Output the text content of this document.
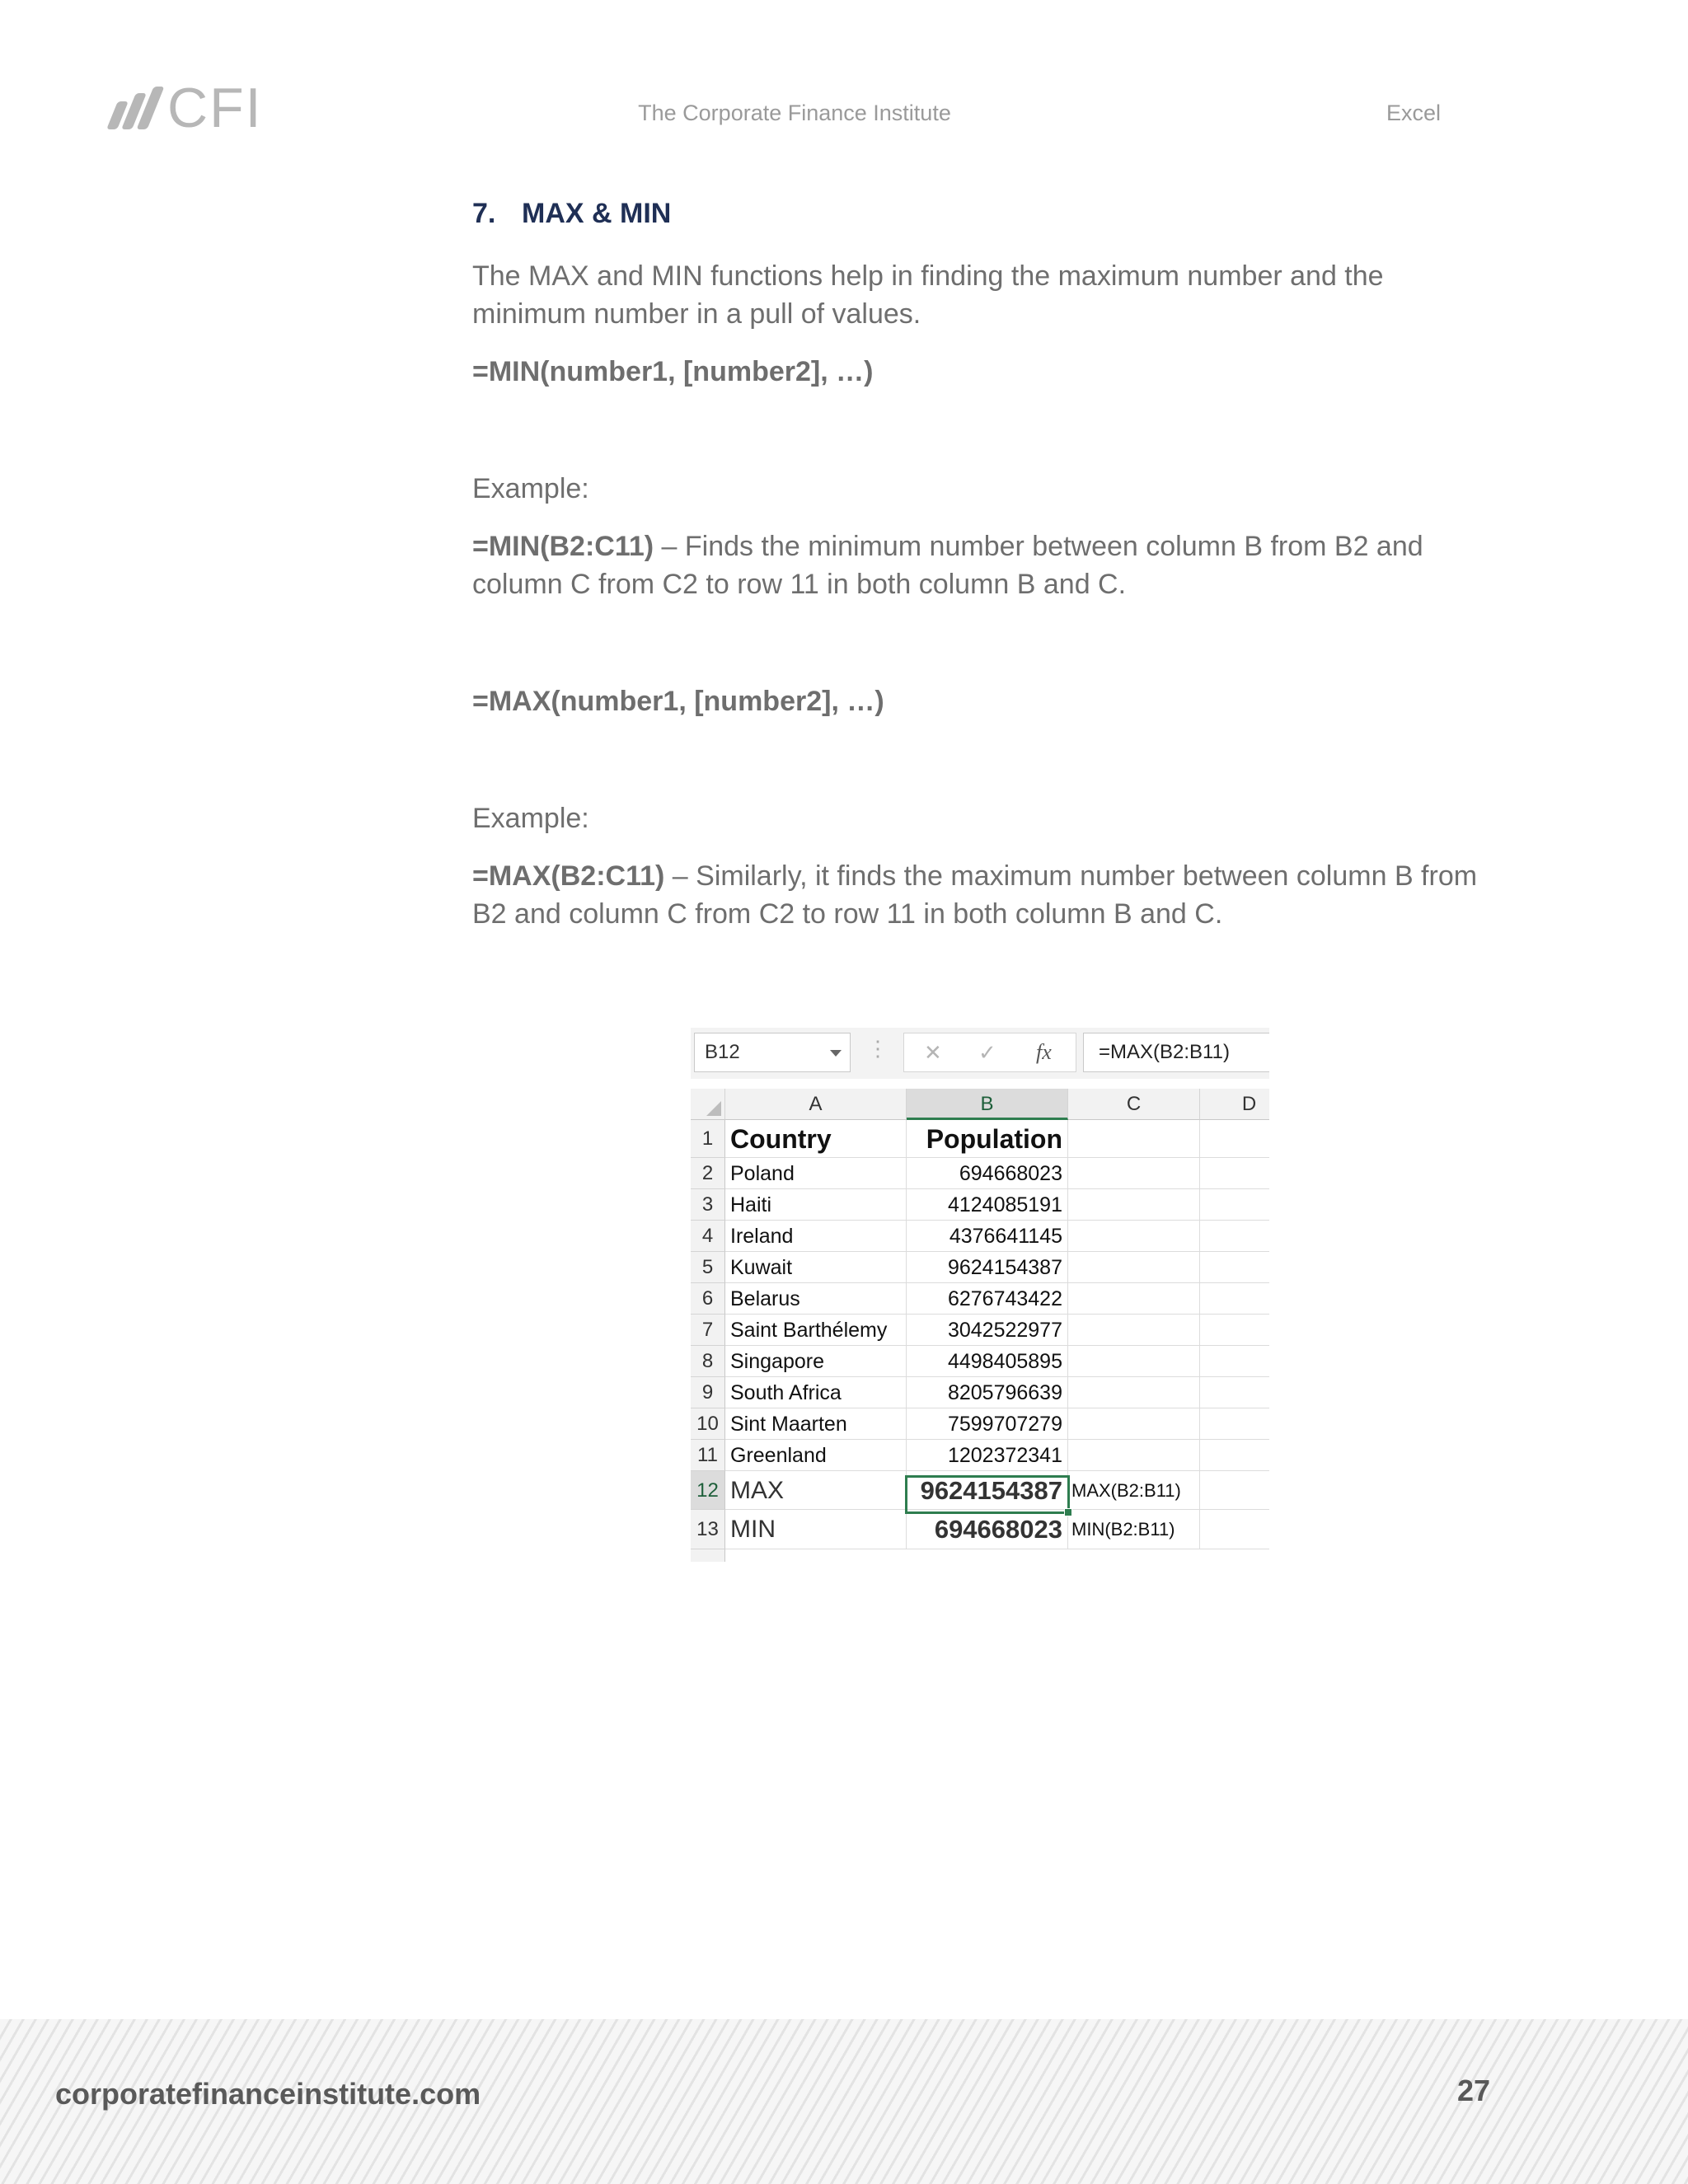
CFI	The Corporate Finance Institute	Excel
7. MAX & MIN

The MAX and MIN functions help in finding the maximum number and the minimum number in a pull of values.

=MIN(number1, [number2], …)

Example:

=MIN(B2:C11) – Finds the minimum number between column B from B2 and column C from C2 to row 11 in both column B and C.

=MAX(number1, [number2], …)

Example:

=MAX(B2:C11) – Similarly, it finds the maximum number between column B from B2 and column C from C2 to row 11 in both column B and C.

B12	⋮ ✕ ✓ fx	=MAX(B2:B11)
A	B	C	D
1 Country	Population
2 Poland	694668023
3 Haiti	4124085191
4 Ireland	4376641145
5 Kuwait	9624154387
6 Belarus	6276743422
7 Saint Barthélemy	3042522977
8 Singapore	4498405895
9 South Africa	8205796639
10 Sint Maarten	7599707279
11 Greenland	1202372341
12 MAX	9624154387 MAX(B2:B11)
13 MIN	694668023 MIN(B2:B11)
corporatefinanceinstitute.com	27
